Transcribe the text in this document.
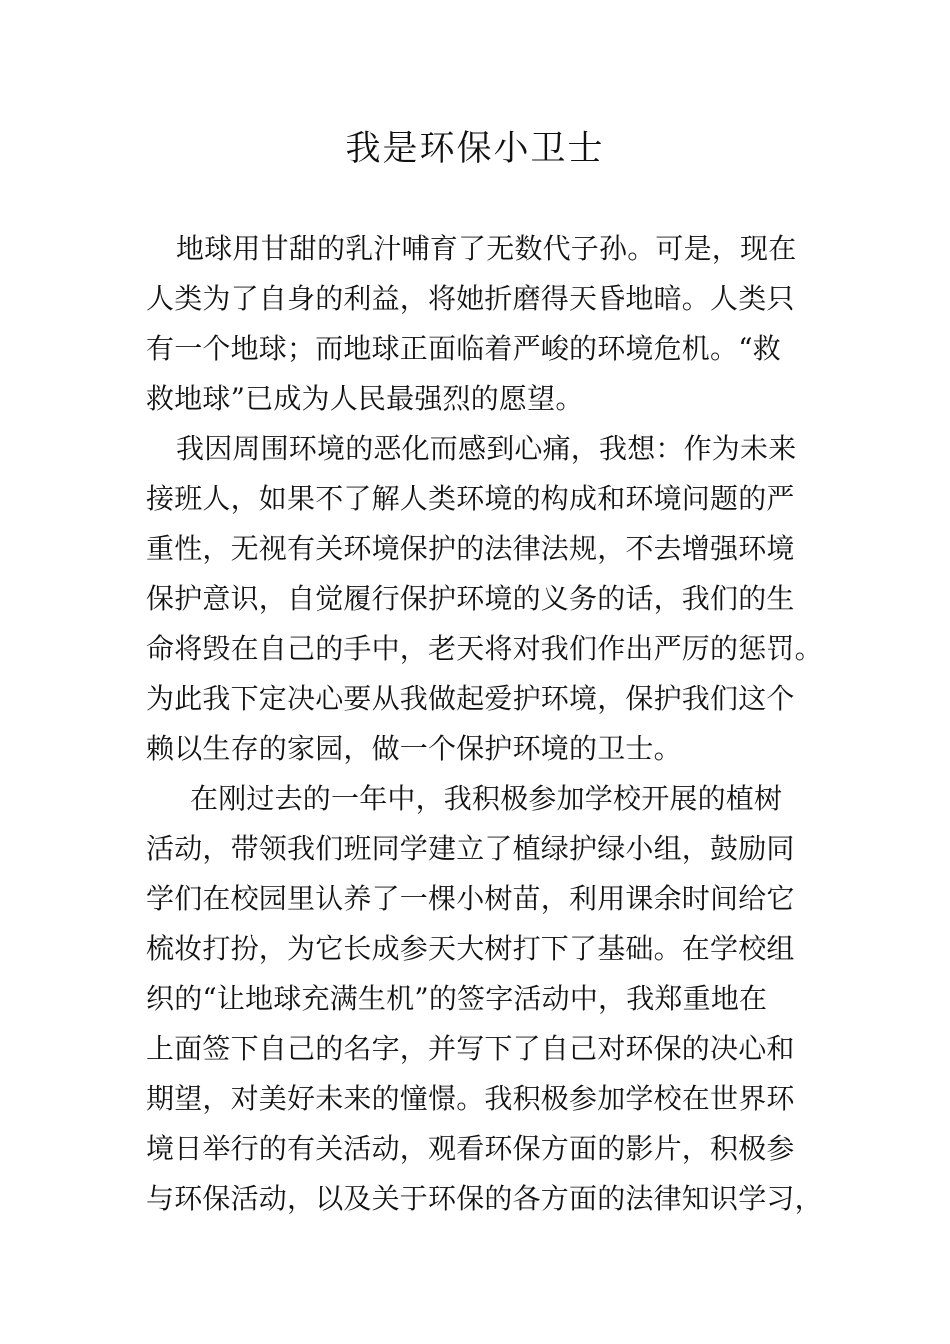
我是环保小卫士
地球用甘甜的乳汁哺育了无数代子孙。可是，现在
人类为了自身的利益，将她折磨得天昏地暗。人类只
有一个地球；而地球正面临着严峻的环境危机。“救
救地球”已成为人民最强烈的愿望。
我因周围环境的恶化而感到心痛，我想：作为未来
接班人，如果不了解人类环境的构成和环境问题的严
重性，无视有关环境保护的法律法规，不去增强环境
保护意识，自觉履行保护环境的义务的话，我们的生
命将毁在自己的手中，老天将对我们作出严厉的惩罚。
为此我下定决心要从我做起爱护环境，保护我们这个
赖以生存的家园，做一个保护环境的卫士。
在刚过去的一年中，我积极参加学校开展的植树
活动，带领我们班同学建立了植绿护绿小组，鼓励同
学们在校园里认养了一棵小树苗，利用课余时间给它
梳妆打扮，为它长成参天大树打下了基础。在学校组
织的“让地球充满生机”的签字活动中，我郑重地在
上面签下自己的名字，并写下了自己对环保的决心和
期望，对美好未来的憧憬。我积极参加学校在世界环
境日举行的有关活动，观看环保方面的影片，积极参
与环保活动，以及关于环保的各方面的法律知识学习，
